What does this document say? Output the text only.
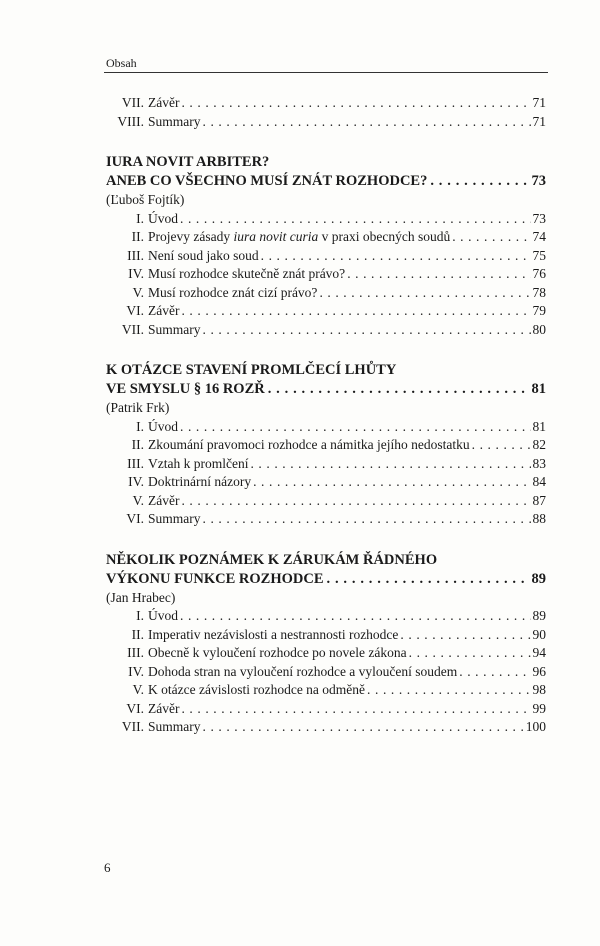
Obsah
VII. Závěr . . .	71
VIII. Summary . . .	71
IURA NOVIT ARBITER?
ANEB CO VŠECHNO MUSÍ ZNÁT ROZHODCE? . . .	73
(Ľuboš Fojtík)
I. Úvod . . .	73
II. Projevy zásady iura novit curia v praxi obecných soudů . . .	74
III. Není soud jako soud . . .	75
IV. Musí rozhodce skutečně znát právo? . . .	76
V. Musí rozhodce znát cizí právo? . . .	78
VI. Závěr . . .	79
VII. Summary . . .	80
K OTÁZCE STAVENÍ PROMLČECÍ LHŮTY
VE SMYSLU § 16 ROZŘ . . .	81
(Patrik Frk)
I. Úvod . . .	81
II. Zkoumání pravomoci rozhodce a námitka jejího nedostatku . . .	82
III. Vztah k promlčení . . .	83
IV. Doktrinární názory . . .	84
V. Závěr . . .	87
VI. Summary . . .	88
NĚKOLIK POZNÁMEK K ZÁRUKÁM ŘÁDNÉHO
VÝKONU FUNKCE ROZHODCE . . .	89
(Jan Hrabec)
I. Úvod . . .	89
II. Imperativ nezávislosti a nestrannosti rozhodce . . .	90
III. Obecně k vyloučení rozhodce po novele zákona . . .	94
IV. Dohoda stran na vyloučení rozhodce a vyloučení soudem . . .	96
V. K otázce závislosti rozhodce na odměně . . .	98
VI. Závěr . . .	99
VII. Summary . . .	100
6
